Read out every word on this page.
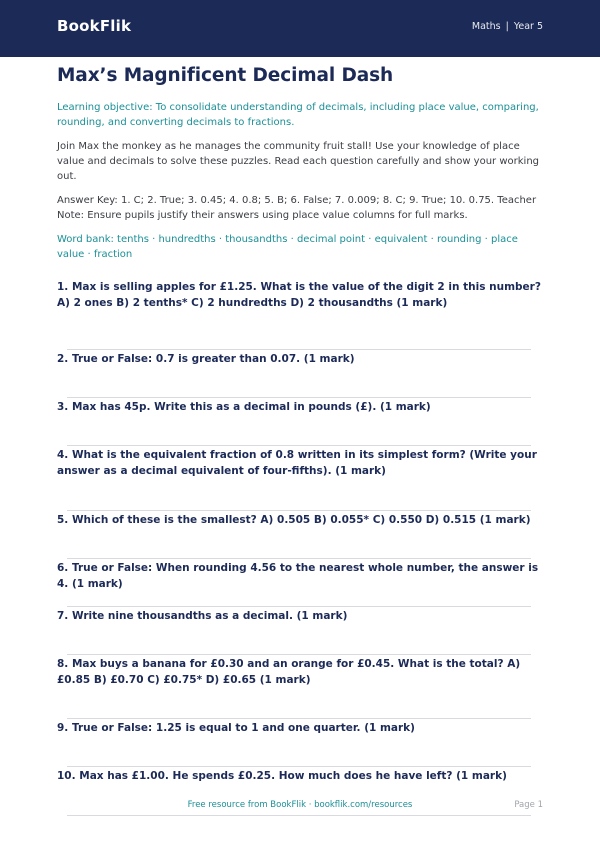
BookFlik	Maths | Year 5
Max’s Magnificent Decimal Dash
Learning objective: To consolidate understanding of decimals, including place value, comparing, rounding, and converting decimals to fractions.
Join Max the monkey as he manages the community fruit stall! Use your knowledge of place value and decimals to solve these puzzles. Read each question carefully and show your working out.
Answer Key: 1. C; 2. True; 3. 0.45; 4. 0.8; 5. B; 6. False; 7. 0.009; 8. C; 9. True; 10. 0.75. Teacher Note: Ensure pupils justify their answers using place value columns for full marks.
Word bank: tenths · hundredths · thousandths · decimal point · equivalent · rounding · place value · fraction
1. Max is selling apples for £1.25. What is the value of the digit 2 in this number? A) 2 ones B) 2 tenths* C) 2 hundredths D) 2 thousandths (1 mark)
2. True or False: 0.7 is greater than 0.07. (1 mark)
3. Max has 45p. Write this as a decimal in pounds (£). (1 mark)
4. What is the equivalent fraction of 0.8 written in its simplest form? (Write your answer as a decimal equivalent of four-fifths). (1 mark)
5. Which of these is the smallest? A) 0.505 B) 0.055* C) 0.550 D) 0.515 (1 mark)
6. True or False: When rounding 4.56 to the nearest whole number, the answer is 4. (1 mark)
7. Write nine thousandths as a decimal. (1 mark)
8. Max buys a banana for £0.30 and an orange for £0.45. What is the total? A) £0.85 B) £0.70 C) £0.75* D) £0.65 (1 mark)
9. True or False: 1.25 is equal to 1 and one quarter. (1 mark)
10. Max has £1.00. He spends £0.25. How much does he have left? (1 mark)
Free resource from BookFlik · bookflik.com/resources	Page 1
